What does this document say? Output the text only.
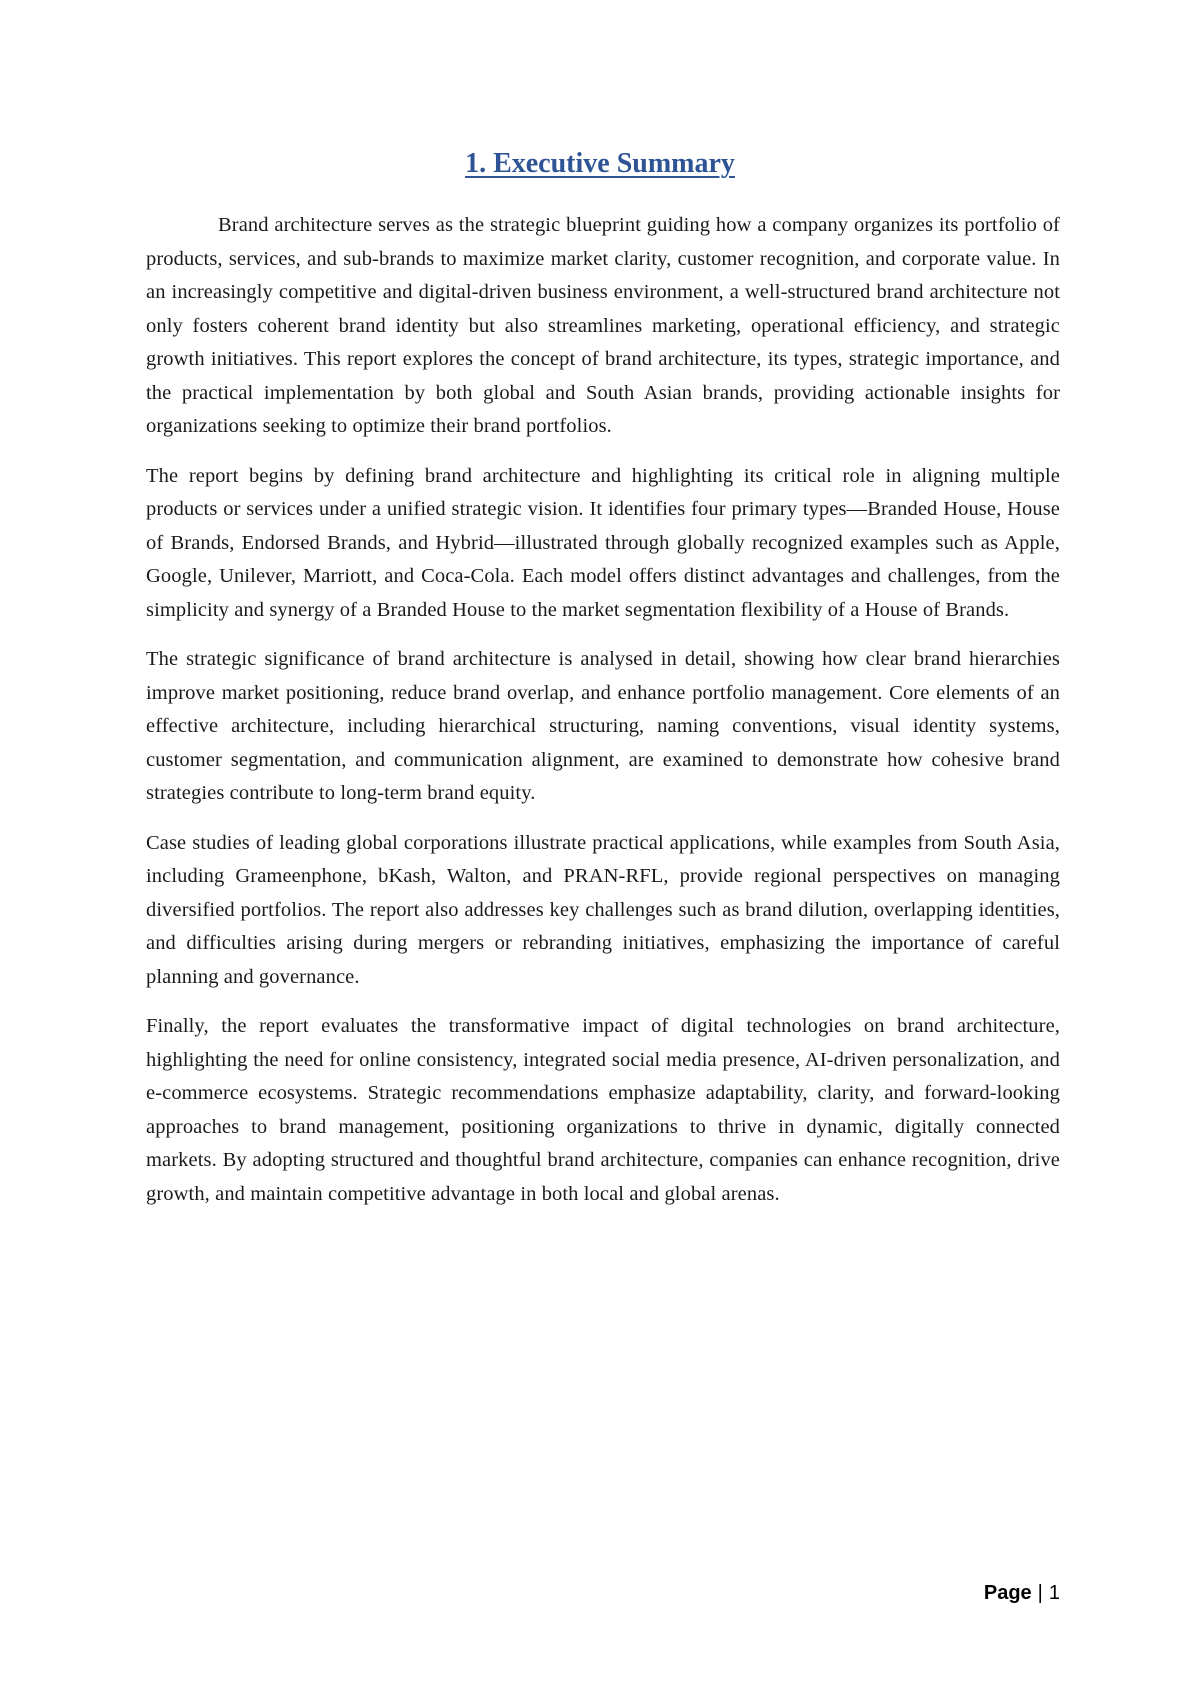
1. Executive Summary

Brand architecture serves as the strategic blueprint guiding how a company organizes its portfolio of products, services, and sub-brands to maximize market clarity, customer recognition, and corporate value. In an increasingly competitive and digital-driven business environment, a well-structured brand architecture not only fosters coherent brand identity but also streamlines marketing, operational efficiency, and strategic growth initiatives. This report explores the concept of brand architecture, its types, strategic importance, and the practical implementation by both global and South Asian brands, providing actionable insights for organizations seeking to optimize their brand portfolios.

The report begins by defining brand architecture and highlighting its critical role in aligning multiple products or services under a unified strategic vision. It identifies four primary types—Branded House, House of Brands, Endorsed Brands, and Hybrid—illustrated through globally recognized examples such as Apple, Google, Unilever, Marriott, and Coca-Cola. Each model offers distinct advantages and challenges, from the simplicity and synergy of a Branded House to the market segmentation flexibility of a House of Brands.

The strategic significance of brand architecture is analysed in detail, showing how clear brand hierarchies improve market positioning, reduce brand overlap, and enhance portfolio management. Core elements of an effective architecture, including hierarchical structuring, naming conventions, visual identity systems, customer segmentation, and communication alignment, are examined to demonstrate how cohesive brand strategies contribute to long-term brand equity.

Case studies of leading global corporations illustrate practical applications, while examples from South Asia, including Grameenphone, bKash, Walton, and PRAN-RFL, provide regional perspectives on managing diversified portfolios. The report also addresses key challenges such as brand dilution, overlapping identities, and difficulties arising during mergers or rebranding initiatives, emphasizing the importance of careful planning and governance.

Finally, the report evaluates the transformative impact of digital technologies on brand architecture, highlighting the need for online consistency, integrated social media presence, AI-driven personalization, and e-commerce ecosystems. Strategic recommendations emphasize adaptability, clarity, and forward-looking approaches to brand management, positioning organizations to thrive in dynamic, digitally connected markets. By adopting structured and thoughtful brand architecture, companies can enhance recognition, drive growth, and maintain competitive advantage in both local and global arenas.

Page | 1
